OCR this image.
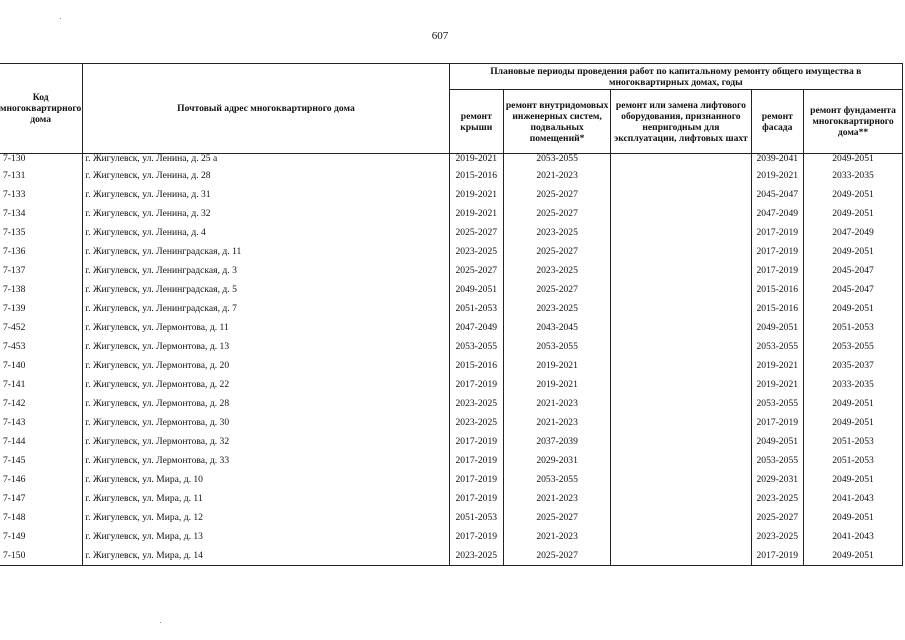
607
Код многоквартирного дома	Почтовый адрес многоквартирного дома	Плановые периоды проведения работ по капитальному ремонту общего имущества в многоквартирных домах, годы				
		ремонт крыши	ремонт внутридомовых инженерных систем, подвальных помещений*	ремонт или замена лифтового оборудования, признанного непригодным для эксплуатации, лифтовых шахт	ремонт фасада	ремонт фундамента многоквартирного дома**
7-130	г. Жигулевск, ул. Ленина, д. 25 а	2019-2021	2053-2055		2039-2041	2049-2051
7-131	г. Жигулевск, ул. Ленина, д. 28	2015-2016	2021-2023		2019-2021	2033-2035
7-133	г. Жигулевск, ул. Ленина, д. 31	2019-2021	2025-2027		2045-2047	2049-2051
7-134	г. Жигулевск, ул. Ленина, д. 32	2019-2021	2025-2027		2047-2049	2049-2051
7-135	г. Жигулевск, ул. Ленина, д. 4	2025-2027	2023-2025		2017-2019	2047-2049
7-136	г. Жигулевск, ул. Ленинградская, д. 11	2023-2025	2025-2027		2017-2019	2049-2051
7-137	г. Жигулевск, ул. Ленинградская, д. 3	2025-2027	2023-2025		2017-2019	2045-2047
7-138	г. Жигулевск, ул. Ленинградская, д. 5	2049-2051	2025-2027		2015-2016	2045-2047
7-139	г. Жигулевск, ул. Ленинградская, д. 7	2051-2053	2023-2025		2015-2016	2049-2051
7-452	г. Жигулевск, ул. Лермонтова, д. 11	2047-2049	2043-2045		2049-2051	2051-2053
7-453	г. Жигулевск, ул. Лермонтова, д. 13	2053-2055	2053-2055		2053-2055	2053-2055
7-140	г. Жигулевск, ул. Лермонтова, д. 20	2015-2016	2019-2021		2019-2021	2035-2037
7-141	г. Жигулевск, ул. Лермонтова, д. 22	2017-2019	2019-2021		2019-2021	2033-2035
7-142	г. Жигулевск, ул. Лермонтова, д. 28	2023-2025	2021-2023		2053-2055	2049-2051
7-143	г. Жигулевск, ул. Лермонтова, д. 30	2023-2025	2021-2023		2017-2019	2049-2051
7-144	г. Жигулевск, ул. Лермонтова, д. 32	2017-2019	2037-2039		2049-2051	2051-2053
7-145	г. Жигулевск, ул. Лермонтова, д. 33	2017-2019	2029-2031		2053-2055	2051-2053
7-146	г. Жигулевск, ул. Мира, д. 10	2017-2019	2053-2055		2029-2031	2049-2051
7-147	г. Жигулевск, ул. Мира, д. 11	2017-2019	2021-2023		2023-2025	2041-2043
7-148	г. Жигулевск, ул. Мира, д. 12	2051-2053	2025-2027		2025-2027	2049-2051
7-149	г. Жигулевск, ул. Мира, д. 13	2017-2019	2021-2023		2023-2025	2041-2043
7-150	г. Жигулевск, ул. Мира, д. 14	2023-2025	2025-2027		2017-2019	2049-2051
